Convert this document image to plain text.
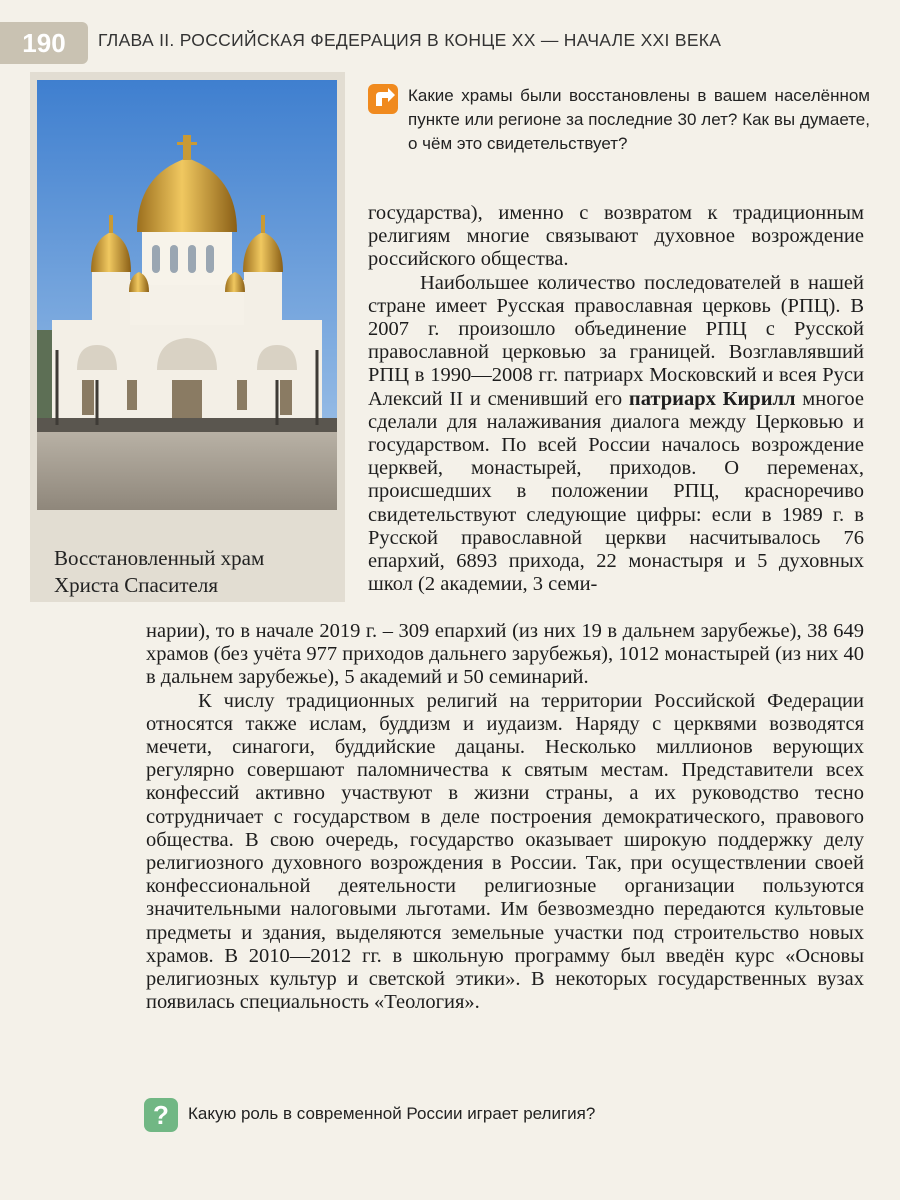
190	ГЛАВА II. РОССИЙСКАЯ ФЕДЕРАЦИЯ В КОНЦЕ XX — НАЧАЛЕ XXI ВЕКА
Восстановленный храм
Христа Спасителя
Какие храмы были восстановлены в вашем населённом пункте или регионе за последние 30 лет? Как вы думаете, о чём это свидетельствует?

государства), именно с возвратом к традиционным религиям многие связывают духовное возрождение российского общества.

Наибольшее количество последователей в нашей стране имеет Русская православная церковь (РПЦ). В 2007 г. произошло объединение РПЦ с Русской православной церковью за границей. Возглавлявший РПЦ в 1990—2008 гг. патриарх Московский и всея Руси Алексий II и сменивший его патриарх Кирилл многое сделали для налаживания диалога между Церковью и государством. По всей России началось возрождение церквей, монастырей, приходов. О переменах, происшедших в положении РПЦ, красноречиво свидетельствуют следующие цифры: если в 1989 г. в Русской православной церкви насчитывалось 76 епархий, 6893 прихода, 22 монастыря и 5 духовных школ (2 академии, 3 семи-

нарии), то в начале 2019 г. – 309 епархий (из них 19 в дальнем зарубежье), 38 649 храмов (без учёта 977 приходов дальнего зарубежья), 1012 монастырей (из них 40 в дальнем зарубежье), 5 академий и 50 семинарий.

К числу традиционных религий на территории Российской Федерации относятся также ислам, буддизм и иудаизм. Наряду с церквями возводятся мечети, синагоги, буддийские дацаны. Несколько миллионов верующих регулярно совершают паломничества к святым местам. Представители всех конфессий активно участвуют в жизни страны, а их руководство тесно сотрудничает с государством в деле построения демократического, правового общества. В свою очередь, государство оказывает широкую поддержку делу религиозного духовного возрождения в России. Так, при осуществлении своей конфессиональной деятельности религиозные организации пользуются значительными налоговыми льготами. Им безвозмездно передаются культовые предметы и здания, выделяются земельные участки под строительство новых храмов. В 2010—2012 гг. в школьную программу был введён курс «Основы религиозных культур и светской этики». В некоторых государственных вузах появилась специальность «Теология».

?	Какую роль в современной России играет религия?
